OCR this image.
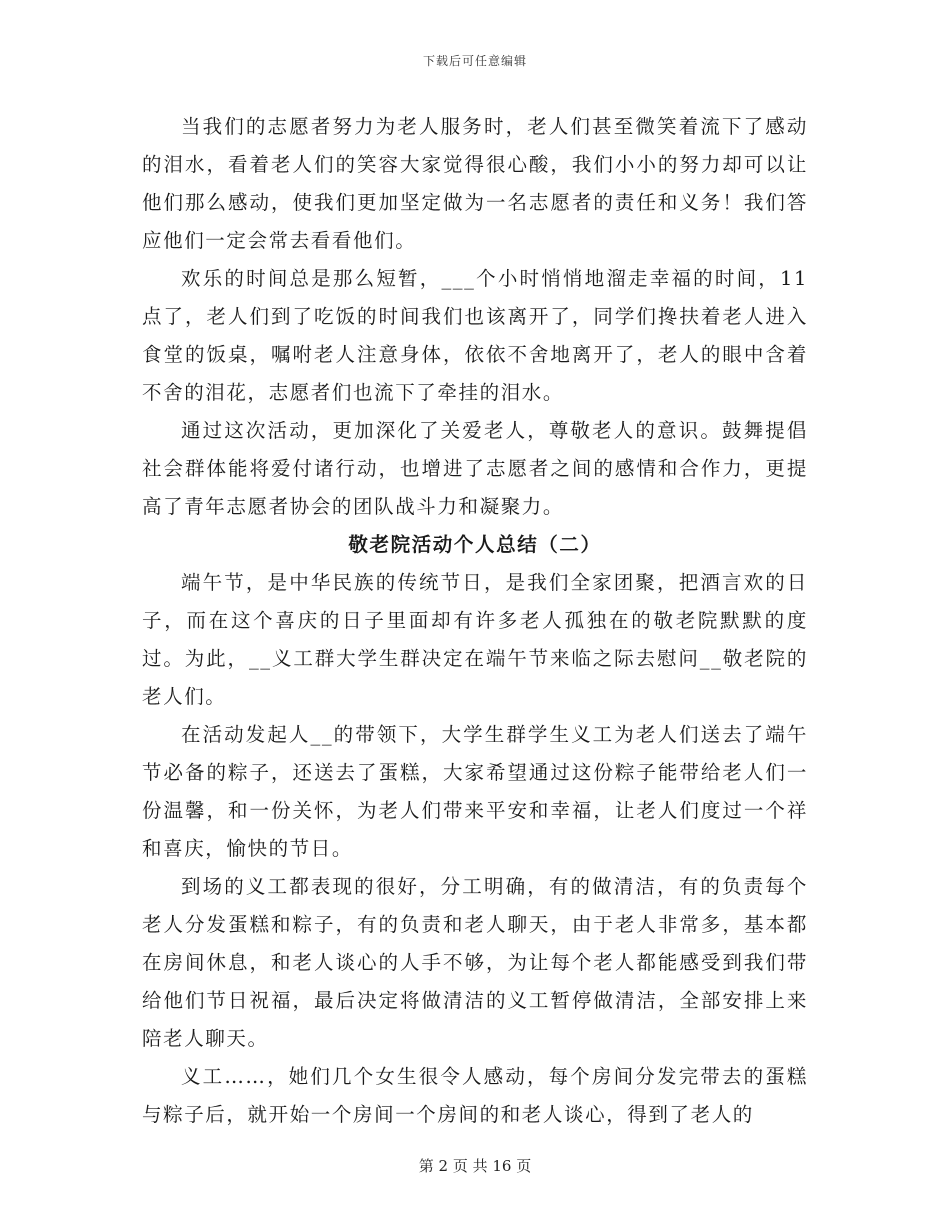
下载后可任意编辑

当我们的志愿者努力为老人服务时，老人们甚至微笑着流下了感动的泪水，看着老人们的笑容大家觉得很心酸，我们小小的努力却可以让他们那么感动，使我们更加坚定做为一名志愿者的责任和义务！我们答应他们一定会常去看看他们。

欢乐的时间总是那么短暂，___个小时悄悄地溜走幸福的时间，11点了，老人们到了吃饭的时间我们也该离开了，同学们搀扶着老人进入食堂的饭桌，嘱咐老人注意身体，依依不舍地离开了，老人的眼中含着不舍的泪花，志愿者们也流下了牵挂的泪水。

通过这次活动，更加深化了关爱老人，尊敬老人的意识。鼓舞提倡社会群体能将爱付诸行动，也增进了志愿者之间的感情和合作力，更提高了青年志愿者协会的团队战斗力和凝聚力。

敬老院活动个人总结（二）

端午节，是中华民族的传统节日，是我们全家团聚，把酒言欢的日子，而在这个喜庆的日子里面却有许多老人孤独在的敬老院默默的度过。为此，__义工群大学生群决定在端午节来临之际去慰问__敬老院的老人们。

在活动发起人__的带领下，大学生群学生义工为老人们送去了端午节必备的粽子，还送去了蛋糕，大家希望通过这份粽子能带给老人们一份温馨，和一份关怀，为老人们带来平安和幸福，让老人们度过一个祥和喜庆，愉快的节日。

到场的义工都表现的很好，分工明确，有的做清洁，有的负责每个老人分发蛋糕和粽子，有的负责和老人聊天，由于老人非常多，基本都在房间休息，和老人谈心的人手不够，为让每个老人都能感受到我们带给他们节日祝福，最后决定将做清洁的义工暂停做清洁，全部安排上来陪老人聊天。

义工……，她们几个女生很令人感动，每个房间分发完带去的蛋糕与粽子后，就开始一个房间一个房间的和老人谈心，得到了老人的

第 2 页 共 16 页
